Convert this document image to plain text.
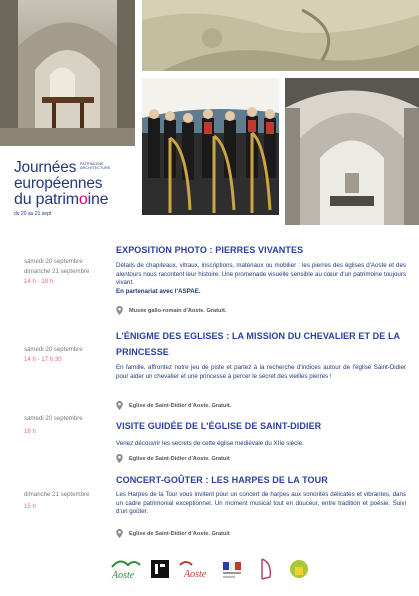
PATRIMOINE
ARCHITECTURE
Journées
européennes
du patrimoine
du 20 au 21 sept
samedi 20 septembre
dimanche 21 septembre
14 h - 18 h
EXPOSITION PHOTO : PIERRES VIVANTES
Détails de chapiteaux, vitraux, inscriptions, matériaux ou mobilier : les pierres des églises d'Aoste et des alentours nous racontent leur histoire. Une promenade visuelle sensible au cœur d'un patrimoine toujours vivant.
En partenariat avec l'ASPAE.
Musée gallo-romain d'Aoste. Gratuit.
samedi 20 septembre
14 h - 17 h 30
L'ÉNIGME DES EGLISES : LA MISSION DU CHEVALIER ET DE LA PRINCESSE
En famille, affrontez notre jeu de piste et partez à la recherche d'indices autour de l'église Saint-Didier pour aider un chevalier et une princesse à percer le secret des vieilles pierres !
Eglise de Saint-Didier d'Aoste. Gratuit.
samedi 20 septembre
16 h
VISITE GUIDÉE DE L'ÉGLISE DE SAINT-DIDIER
Venez découvrir les secrets de cette église médiévale du XIIe siècle.
Eglise de Saint-Didier d'Aoste. Gratuit
dimanche 21 septembre
15 h
CONCERT-GOÛTER : LES HARPES DE LA TOUR
Les Harpes de la Tour vous invitent pour un concert de harpes aux sonorités délicates et vibrantes, dans un cadre patrimonial exceptionnel. Un moment musical tout en douceur, entre tradition et poésie. Suivi d'un goûter.
Eglise de Saint-Didier d'Aoste. Gratuit
Aoste	Aoste
